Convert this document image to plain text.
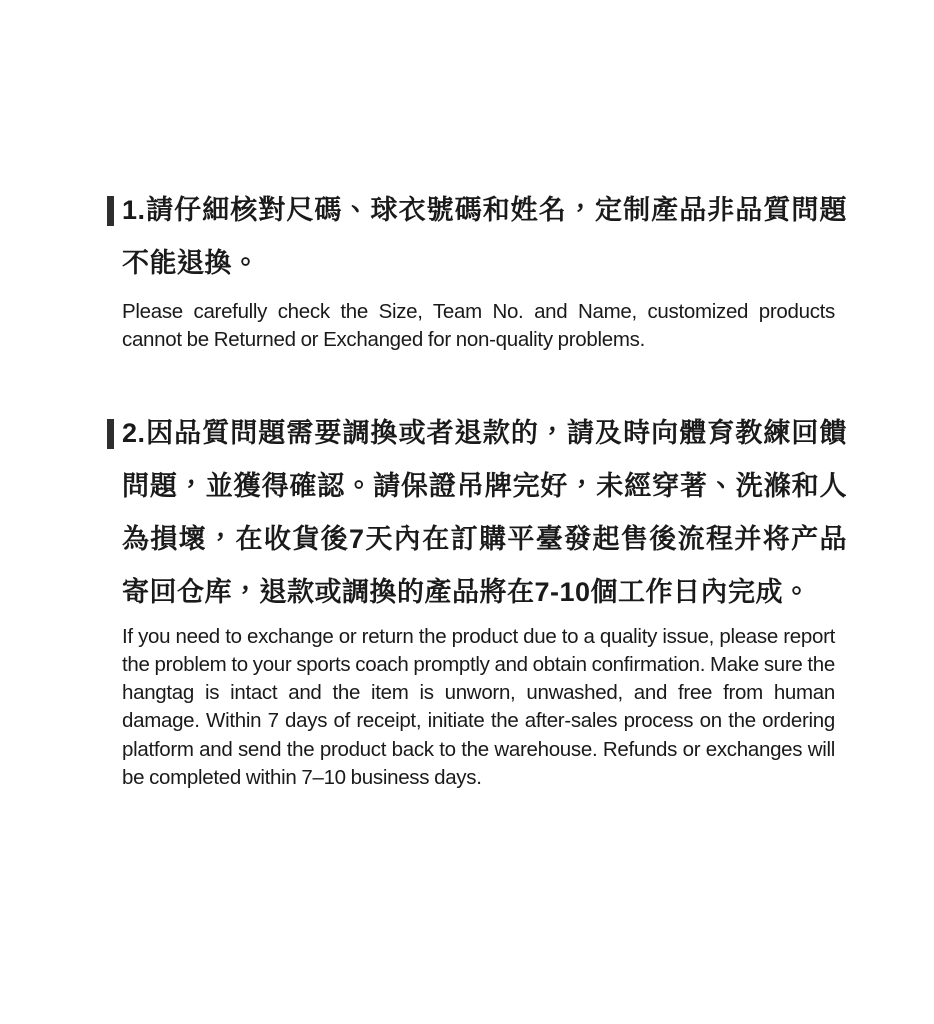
1.請仔細核對尺碼、球衣號碼和姓名，定制產品非品質問題不能退換。

Please carefully check the Size, Team No. and Name, customized products cannot be Returned or Exchanged for non-quality problems.

2.因品質問題需要調換或者退款的，請及時向體育教練回饋問題，並獲得確認。請保證吊牌完好，未經穿著、洗滌和人為損壞，在收貨後7天內在訂購平臺發起售後流程并将产品寄回仓库，退款或調換的產品將在7-10個工作日內完成。

If you need to exchange or return the product due to a quality issue, please report the problem to your sports coach promptly and obtain confirmation. Make sure the hangtag is intact and the item is unworn, unwashed, and free from human damage. Within 7 days of receipt, initiate the after-sales process on the ordering platform and send the product back to the warehouse. Refunds or exchanges will be completed within 7–10 business days.
